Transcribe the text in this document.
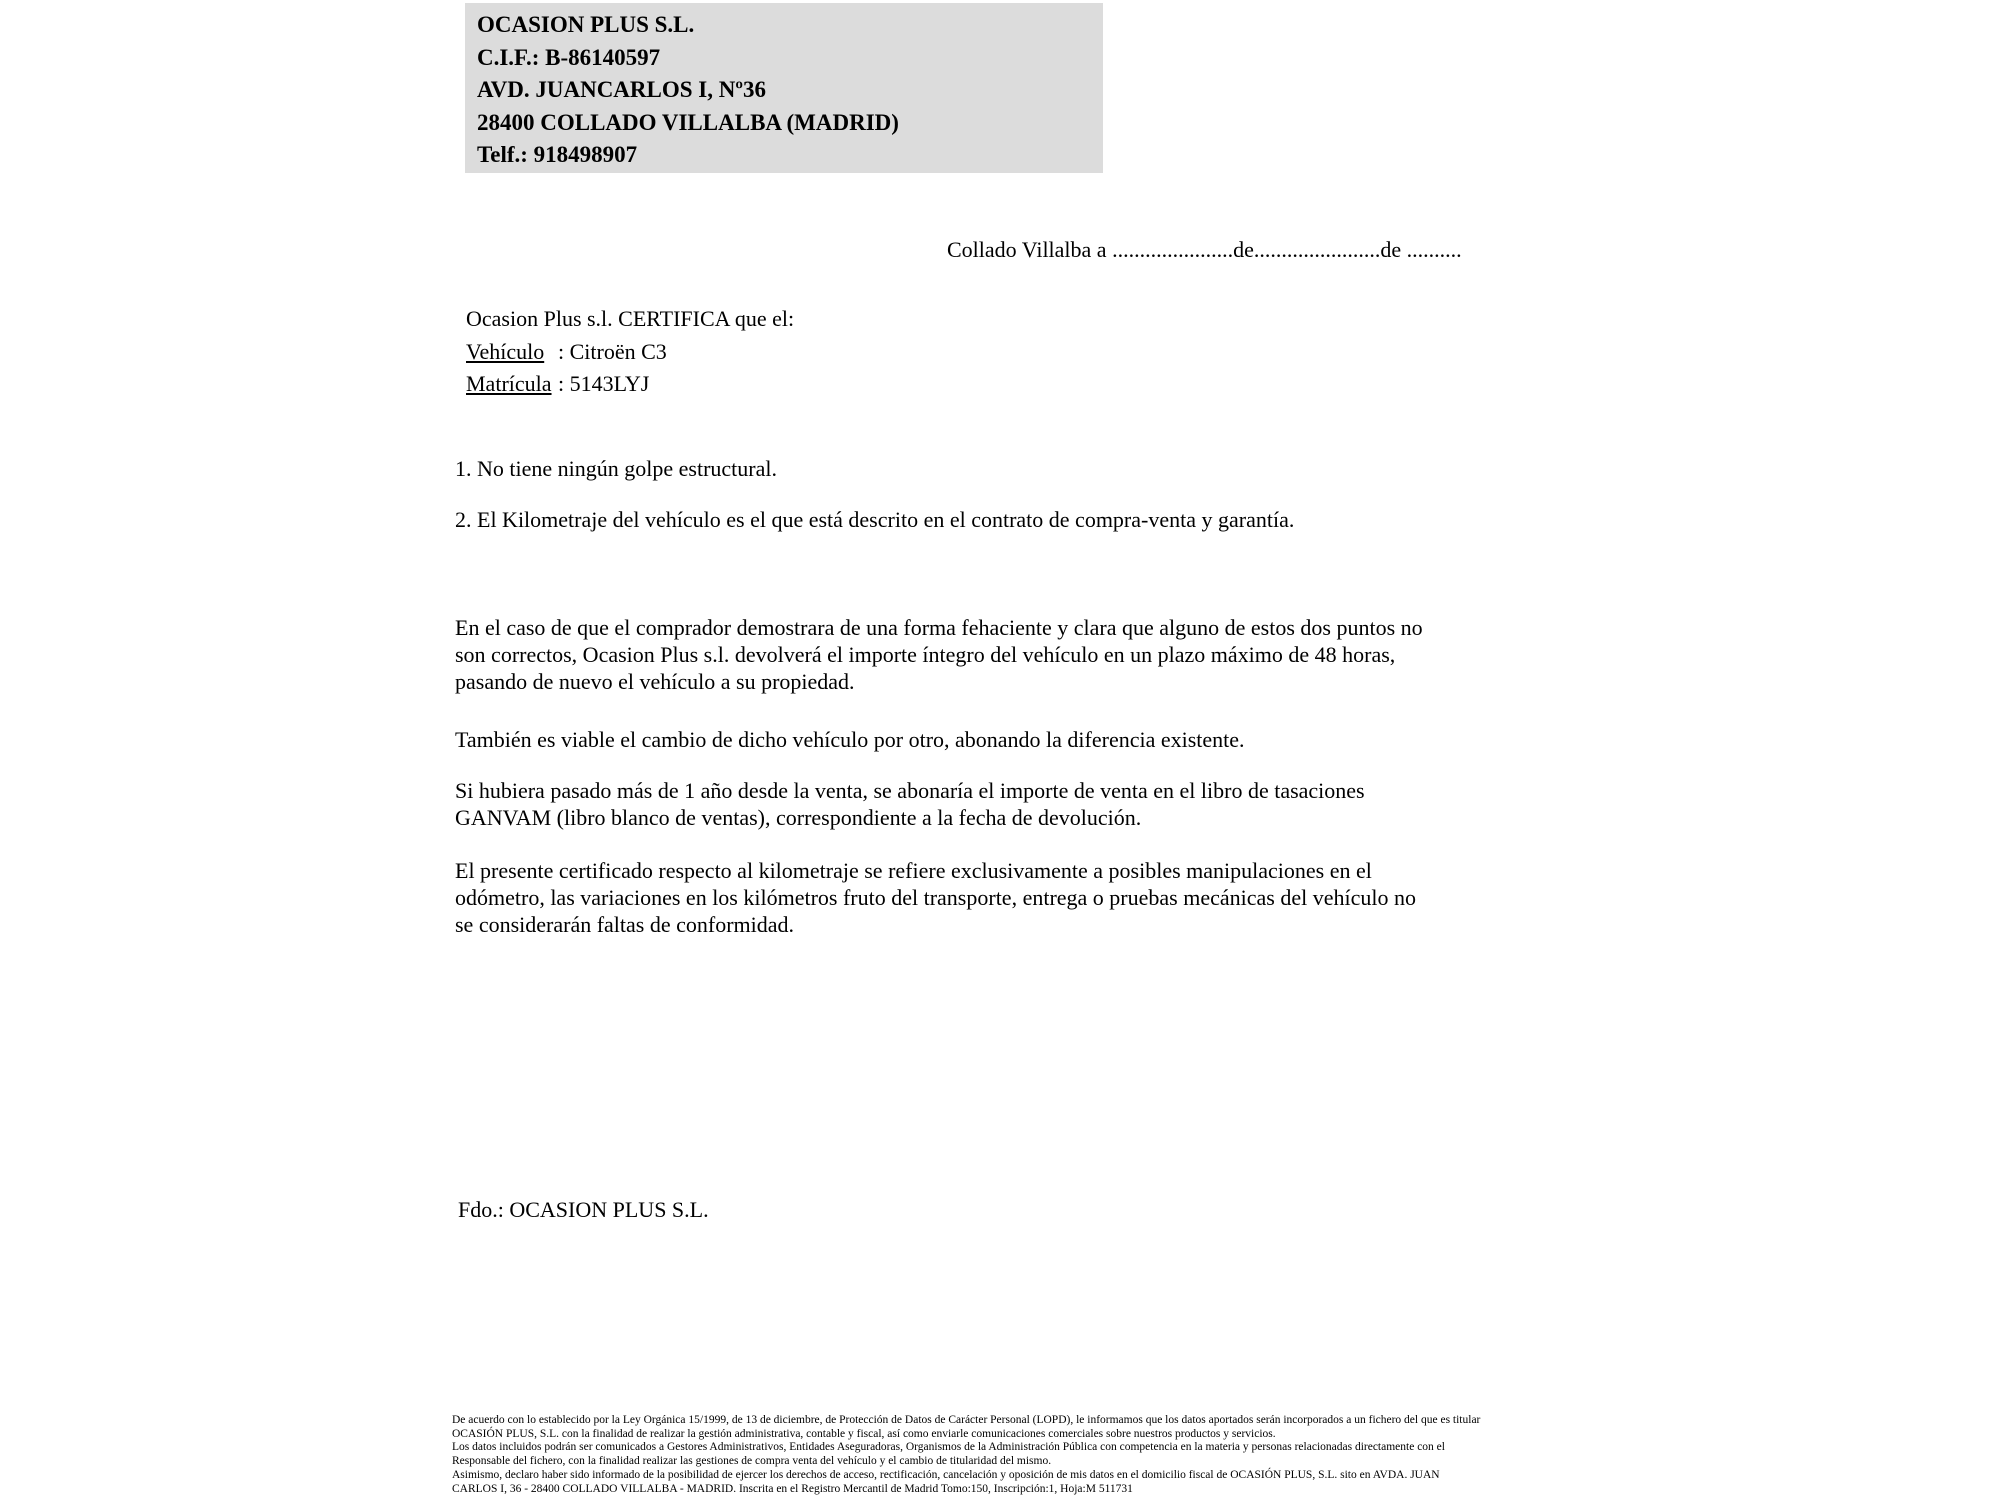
OCASION PLUS S.L.
C.I.F.: B-86140597
AVD. JUANCARLOS I, Nº36
28400 COLLADO VILLALBA (MADRID)
Telf.: 918498907
Collado Villalba a ......................de.......................de ..........
Ocasion Plus s.l. CERTIFICA que el:
Vehículo : Citroën C3
Matrícula : 5143LYJ
1. No tiene ningún golpe estructural.
2. El Kilometraje del vehículo es el que está descrito en el contrato de compra-venta y garantía.
En el caso de que el comprador demostrara de una forma fehaciente y clara que alguno de estos dos puntos no
son correctos, Ocasion Plus s.l. devolverá el importe íntegro del vehículo en un plazo máximo de 48 horas,
pasando de nuevo el vehículo a su propiedad.
También es viable el cambio de dicho vehículo por otro, abonando la diferencia existente.
Si hubiera pasado más de 1 año desde la venta, se abonaría el importe de venta en el libro de tasaciones
GANVAM (libro blanco de ventas), correspondiente a la fecha de devolución.
El presente certificado respecto al kilometraje se refiere exclusivamente a posibles manipulaciones en el
odómetro, las variaciones en los kilómetros fruto del transporte, entrega o pruebas mecánicas del vehículo no
se considerarán faltas de conformidad.
Fdo.: OCASION PLUS S.L.
De acuerdo con lo establecido por la Ley Orgánica 15/1999, de 13 de diciembre, de Protección de Datos de Carácter Personal (LOPD), le informamos que los datos aportados serán incorporados a un fichero del que es titular
OCASIÓN PLUS, S.L. con la finalidad de realizar la gestión administrativa, contable y fiscal, así como enviarle comunicaciones comerciales sobre nuestros productos y servicios.
Los datos incluidos podrán ser comunicados a Gestores Administrativos, Entidades Aseguradoras, Organismos de la Administración Pública con competencia en la materia y personas relacionadas directamente con el
Responsable del fichero, con la finalidad realizar las gestiones de compra venta del vehículo y el cambio de titularidad del mismo.
Asimismo, declaro haber sido informado de la posibilidad de ejercer los derechos de acceso, rectificación, cancelación y oposición de mis datos en el domicilio fiscal de OCASIÓN PLUS, S.L. sito en AVDA. JUAN
CARLOS I, 36 - 28400 COLLADO VILLALBA - MADRID. Inscrita en el Registro Mercantil de Madrid Tomo:150, Inscripción:1, Hoja:M 511731
